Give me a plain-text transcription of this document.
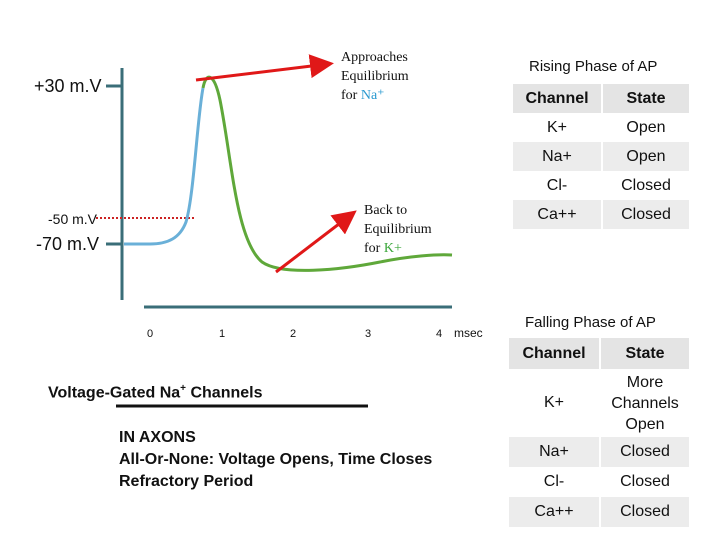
+30 m.V
-50 m.V
-70 m.V
0	1	2	3	4 msec
Approaches
Equilibrium
for Na⁺
Back to
Equilibrium
for K+
Rising Phase of AP
Channel	State
K+	Open
Na+	Open
Cl-	Closed
Ca++	Closed
Falling Phase of AP
Channel	State
K+	More Channels Open
Na+	Closed
Cl-	Closed
Ca++	Closed
Voltage-Gated Na+ Channels
IN AXONS
All-Or-None: Voltage Opens, Time Closes
Refractory Period
